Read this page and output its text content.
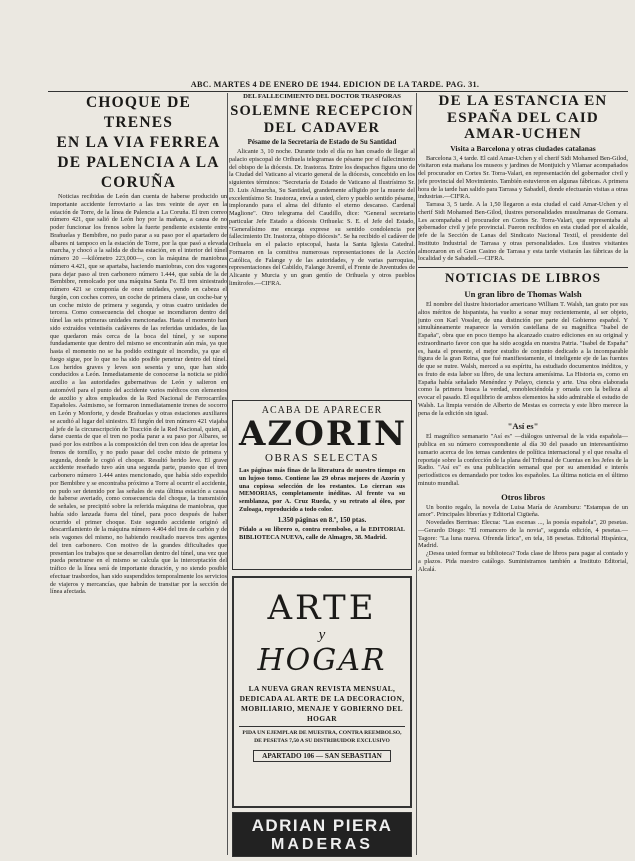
ABC. MARTES 4 DE ENERO DE 1944. EDICION DE LA TARDE. PAG. 31.
CHOQUE DE TRENES
EN LA VIA FERREA
DE PALENCIA A LA
CORUÑA

Noticias recibidas de León dan cuenta de haberse producido un importante accidente ferroviario a las tres veinte de ayer en la estación de Torre, de la línea de Palencia a La Coruña. El tren correo número 421, que salió de León hoy por la mañana, a causa de no poder funcionar los frenos sobre la fuerte pendiente existente entre Brañuelas y Bembibre, no pudo parar a su paso por el apartadero de albares ni tampoco en la estación de Torre, por la que pasó a elevada marcha, y chocó a la salida de dicha estación, en el interior del túnel número 20 —kilómetro 223,000—, con la máquina de maniobras número 4.421, que se apartaba, haciendo maniobras, con dos vagones para dejar paso al tren carbonero número 1.444, que subía de la de Bembibre, remolcado por una máquina Santa Fe. El tren siniestrado número 421 se componía de once unidades, yendo en cabeza el furgón, con coches correo, un coche de primera clase, un coche-bar y un coche mixto de primera y segunda, y otras cuatro unidades de tercera. Como consecuencia del choque se incendiaron dentro del túnel las seis primeras unidades mencionadas. Hasta el momento han sido extraídos veintiséis cadáveres de las referidas unidades, de las que quedaron más cerca de la boca del túnel, y se supone fundadamente que dentro del mismo se encontrarán aún más, ya que hasta el momento no se ha podido extinguir el incendio, ya que el fuego sigue, por lo que no ha sido posible penetrar dentro del túnel. Los heridos graves y leves son sesenta y uno, que han sido conducidos a León. Inmediatamente de conocerse la noticia se pidió auxilio a las autoridades gubernativas de León y salieron en automóvil para el punto del accidente varios médicos con elementos de auxilio y altos empleados de la Red Nacional de Ferrocarriles Españoles. Asimismo, se formaron inmediatamente trenes de socorro en León y Monforte, y desde Brañuelas y otras estaciones auxiliares se acudió al lugar del siniestro. El furgón del tren número 421 viajaba al jefe de la circunscripción de Tracción de la Red Nacional, quien, al darse cuenta de que el tren no podía parar a su paso por Albares, se pasó por los estribos a la composición del tren con idea de apretar los frenos de tornillo, y no pudo pasar del coche mixto de primera y segunda, donde le cogió el choque. Resultó herido leve. El grave accidente reseñado tuvo aún una segunda parte, puesto que el tren carbonero número 1.444 antes mencionado, que había sido expedido por Bembibre y se encontraba próximo a Torre al ocurrir el accidente, no pudo ser detenido por las señales de esta última estación a causa de haberse averiado, como consecuencia del choque, la transmisión de señales, se precipitó sobre la referida máquina de maniobras, que había sido lanzada fuera del túnel, para poco después de haber ocurrido el primer choque. Este segundo accidente originó el descarrilamiento de la máquina número 4.404 del tren de carbón y de seis vagones del mismo, no habiendo resultado nuevos tres agentes del tren carbonero. Con motivo de la grandes dificultades que presentan los trabajos que se desarrollan dentro del túnel, una vez que pueda penetrarse en el mismo se calcula que la interceptación del tráfico de la línea será de importante duración, y no siendo posible efectuar trasbordos, han sido suspendidos temporalmente los servicios de viajeros y mercancías, que habrán de transitar por la sección de línea afectada.

DEL FALLECIMIENTO DEL DOCTOR TRASPORAS
SOLEMNE RECEPCION
DEL CADAVER
Pésame de la Secretaría de Estado de Su Santidad

Alicante 3, 10 noche. Durante todo el día no han cesado de llegar al palacio episcopal de Orihuela telegramas de pésame por el fallecimiento del obispo de la diócesis. Dr. Irastorza. Entre los despachos figura uno de la Ciudad del Vaticano al vicario general de la diócesis, concebido en los siguientes términos: "Secretaría de Estado de Vaticano al Ilustrísimo Sr. D. Luis Almarcha, Su Santidad, grandemente afligido por la muerte del excelentísimo Sr. Irastorza, envía a usted, clero y pueblo sentido pésame, implorando para el alma del difunto el eterno descanso. Cardenal Maglione". Otro telegrama del Caudillo, dice: "General secretario particular Jefe Estado a diócesis Orihuela: S. E. el Jefe del Estado, "Generalísimo me encarga exprese su sentido condolencia por fallecimiento Dr. Irastorza, obispo diócesis". Se ha recibido el cadáver de Orihuela en el palacio episcopal, hasta la Santa Iglesia Catedral. Formaron en la comitiva numerosas representaciones de la Acción Católica, de Falange y de las autoridades, y de varias parroquias, representaciones del Cabildo, Falange Juvenil, el Frente de Juventudes de Alicante y Murcia y un gran gentío de Orihuela y otros pueblos limítrofes.—CIFRA.

ACABA DE APARECER
AZORIN
OBRAS SELECTAS
Las páginas más finas de la literatura de nuestro tiempo en un lujoso tomo. Contiene las 29 obras mejores de Azorín y una copiosa selección de los restantes. Lo cierran sus MEMORIAS, completamente inéditas. Al frente va su semblanza, por A. Cruz Rueda, y su retrato al óleo, por Zuloaga, reproducido a todo color.
1.350 páginas en 8.º, 150 ptas.
Pídalo a su librero o, contra reembolso, a la EDITORIAL BIBLIOTECA NUEVA, calle de Almagro, 38. Madrid.
ARTE
y
HOGAR
LA NUEVA GRAN REVISTA MENSUAL, DEDICADA AL ARTE DE LA DECORACION, MOBILIARIO, MENAJE Y GOBIERNO DEL HOGAR
PIDA UN EJEMPLAR DE MUESTRA, CONTRA REEMBOLSO, DE PESETAS 7,50 A SU DISTRIBUIDOR EXCLUSIVO
APARTADO 106 — SAN SEBASTIAN
ADRIAN PIERA
MADERAS
DE LA ESTANCIA EN
ESPAÑA DEL CAID
AMAR-UCHEN
Visita a Barcelona y otras ciudades catalanas

Barcelona 3, 4 tarde. El caid Amar-Uchen y el cherif Sidi Mohamed Ben-Gilod, visitaron esta mañana los museos y jardines de Montjuich y Vilamar acompañados del procurador en Cortes Sr. Torra-Valari, en representación del gobernador civil y jefe provincial del Movimiento. También estuvieron en algunas fábricas. A primera hora de la tarde han salido para Tarrasa y Sabadell, donde efectuarán visitas a otras industrias.—CIFRA.

Tarrasa 3, 5 tarde. A la 1,50 llegaron a esta ciudad el caid Amar-Uchen y el cherif Sidi Mohamed Ben-Gilod, ilustres personalidades musulmanas de Gomara. Les acompañaba el procurador en Cortes Sr. Torra-Valari, que representaba al gobernador civil y jefe provincial. Fueron recibidos en esta ciudad por el alcalde, jefe de la Sección de Lanas del Sindicato Nacional Textil, el presidente del Instituto Industrial de Tarrasa y otras personalidades. Los ilustres visitantes almorzaron en el Gran Casino de Tarrasa y esta tarde visitarán las fábricas de la localidad y de Sabadell.—CIFRA.

NOTICIAS DE LIBROS
Un gran libro de Thomas Walsh

El nombre del ilustre historiador americano William T. Walsh, tan grato por sus altos méritos de hispanista, ha vuelto a sonar muy recientemente, al ser objeto, junto con Karl Vossler, de una distinción por parte del Gobierno español. Y simultáneamente reaparece la versión castellana de su magnífica "Isabel de España", obra que en poco tiempo ha alcanzado cuatro ediciones en su original y extraordinario favor con que ha sido acogida en nuestra Patria. "Isabel de España" es, hasta el presente, el mejor estudio de conjunto dedicado a la incomparable figura de la gran Reina, que fué manifiestamente, el inteligente eje de las fuentes de que se nutre. Walsh, merced a su espíritu, ha estudiado documentos inéditos, y es fruto de esta labor su libro, de una lectura amenísima. La Historia es, como en España había señalado Menéndez y Pelayo, ciencia y arte. Una obra elaborada como la primera busca la verdad, ennobleciéndola y ornada con la belleza al evocar el pasado. El equilibrio de ambos elementos ha sido admirable el estudio de Walsh. La limpia versión de Alberto de Mestas es correcta y este libro merece la pena de la edición sin igual.

"Así es"

El magnífico semanario "Así es" —diálogos universal de la vida española— publica en su número correspondiente al día 30 del pasado un interesantísimo sumario acerca de los temas candentes de política internacional y el que resalta el reportaje sobre la confección de la plana del Tribunal de Cuentas en los Jefes de la Radio. "Así es" es una publicación semanal que por su amenidad e interés periodísticos es demandado por todos los españoles. La última noticia en el último minuto mundial.

Otros libros

Un bonito regalo, la novela de Luisa María de Aramburu: "Estampas de un amor". Principales librerías y Editorial Cigüeña.

Novedades Berrinas: Elecua: "Las escenas ..., la poesía española", 20 pesetas.—Gerardo Diego: "El romancero de la novia", segunda edición, 4 pesetas.—Tagore: "La luna nueva. Ofrenda lírica", en tela, 18 pesetas. Editorial Hispánica, Madrid.

¿Desea usted formar su biblioteca? Toda clase de libros para pagar al contado y a plazos. Pida nuestro catálogo. Suministramos también a Instituto Editorial, Alcalá.
